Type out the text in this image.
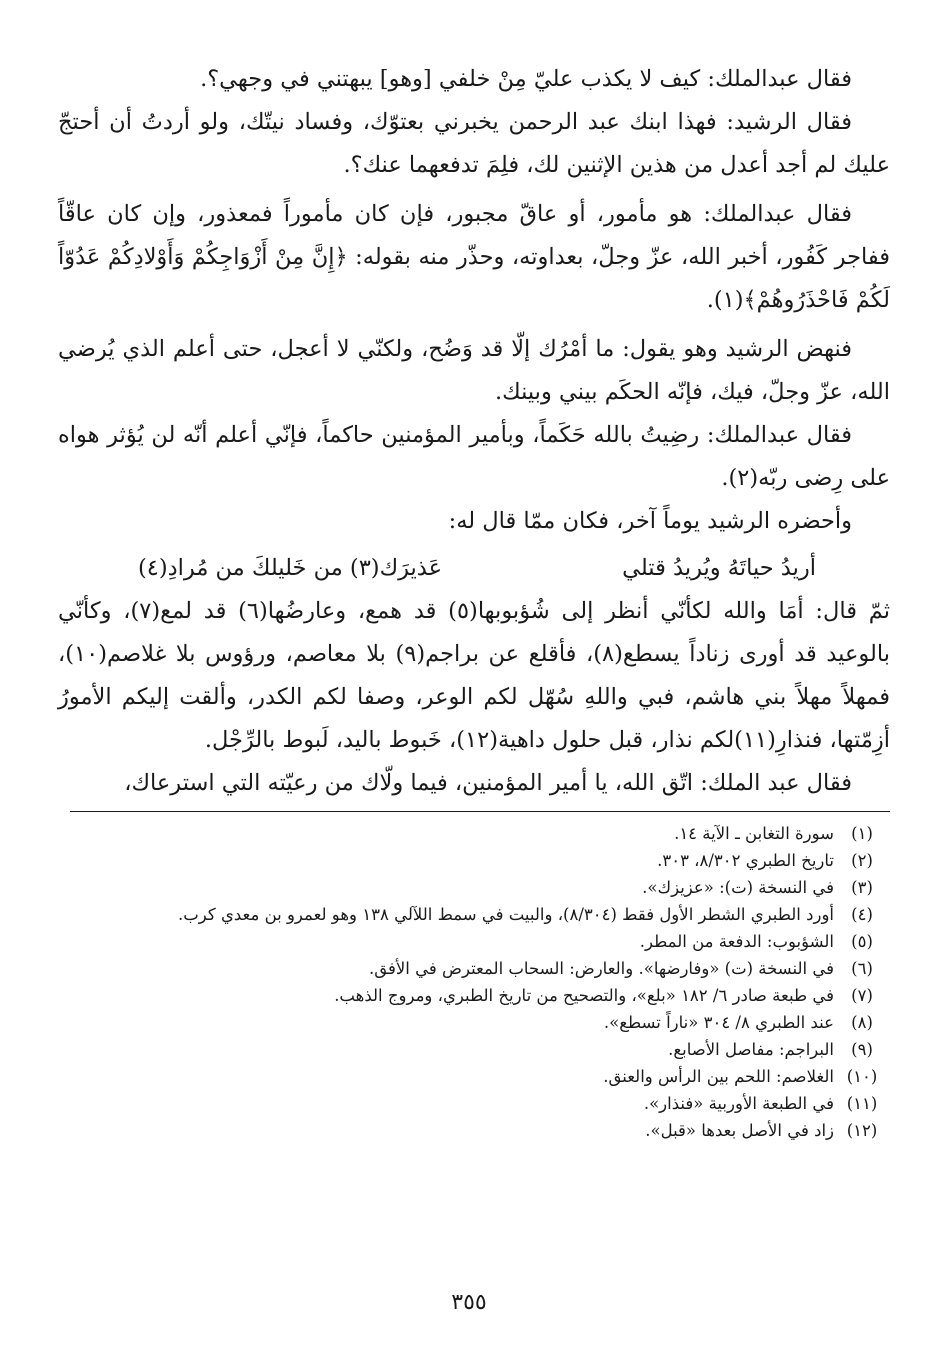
فقال عبدالملك: كيف لا يكذب عليّ مِنْ خلفي [وهو] يبهتني في وجهي؟.

فقال الرشيد: فهذا ابنك عبد الرحمن يخبرني بعتوّك، وفساد نيتّك، ولو أردتُ أن أحتجّ عليك لم أجد أعدل من هذين الإثنين لك، فلِمَ تدفعهما عنك؟.

فقال عبدالملك: هو مأمور، أو عاقّ مجبور، فإن كان مأموراً فمعذور، وإن كان عاقّاً ففاجر كَفُور، أخبر الله، عزّ وجلّ، بعداوته، وحذّر منه بقوله: ﴿إِنَّ مِنْ أَزْوَاجِكُمْ وَأَوْلادِكُمْ عَدُوّاً لَكُمْ فَاحْذَرُوهُمْ﴾(١).

فنهض الرشيد وهو يقول: ما أمْرُك إلّا قد وَضُح، ولكنّي لا أعجل، حتى أعلم الذي يُرضي الله، عزّ وجلّ، فيك، فإنّه الحكَم بيني وبينك.

فقال عبدالملك: رضِيتُ بالله حَكَماً، وبأمير المؤمنين حاكماً، فإنّي أعلم أنّه لن يُؤثر هواه على رِضى ربّه(٢).

وأحضره الرشيد يوماً آخر، فكان ممّا قال له:

أريدُ حياتَهُ ويُريدُ قتلي
عَذيرَك(٣) من خَليلكَ من مُرادِ(٤)

ثمّ قال: أمَا والله لكأنّي أنظر إلى شُؤبوبها(٥) قد همع، وعارضُها(٦) قد لمع(٧)، وكأنّي بالوعيد قد أورى زناداً يسطع(٨)، فأقلع عن براجم(٩) بلا معاصم، ورؤوس بلا غلاصم(١٠)، فمهلاً مهلاً بني هاشم، فبي واللهِ سُهّل لكم الوعر، وصفا لكم الكدر، وألقت إليكم الأمورُ أزِمّتها، فنذارِ(١١)لكم نذار، قبل حلول داهية(١٢)، خَبوط باليد، لَبوط بالرِّجْل.

فقال عبد الملك: اتّق الله، يا أمير المؤمنين، فيما ولّاك من رعيّته التي استرعاك،

(١)
سورة التغابن ـ الآية ١٤.
(٢)
تاريخ الطبري ٨/٣٠٢، ٣٠٣.
(٣)
في النسخة (ت): «عزيزك».
(٤)
أورد الطبري الشطر الأول فقط (٨/٣٠٤)، والبيت في سمط اللآلي ١٣٨ وهو لعمرو بن معدي كرب.
(٥)
الشؤبوب: الدفعة من المطر.
(٦)
في النسخة (ت) «وفارضها». والعارض: السحاب المعترض في الأفق.
(٧)
في طبعة صادر ٦/ ١٨٢ «بلع»، والتصحيح من تاريخ الطبري، ومروج الذهب.
(٨)
عند الطبري ٨/ ٣٠٤ «ناراً تسطع».
(٩)
البراجم: مفاصل الأصابع.
(١٠)
الغلاصم: اللحم بين الرأس والعنق.
(١١)
في الطبعة الأوربية «فنذار».
(١٢)
زاد في الأصل بعدها «قبل».
٣٥٥
